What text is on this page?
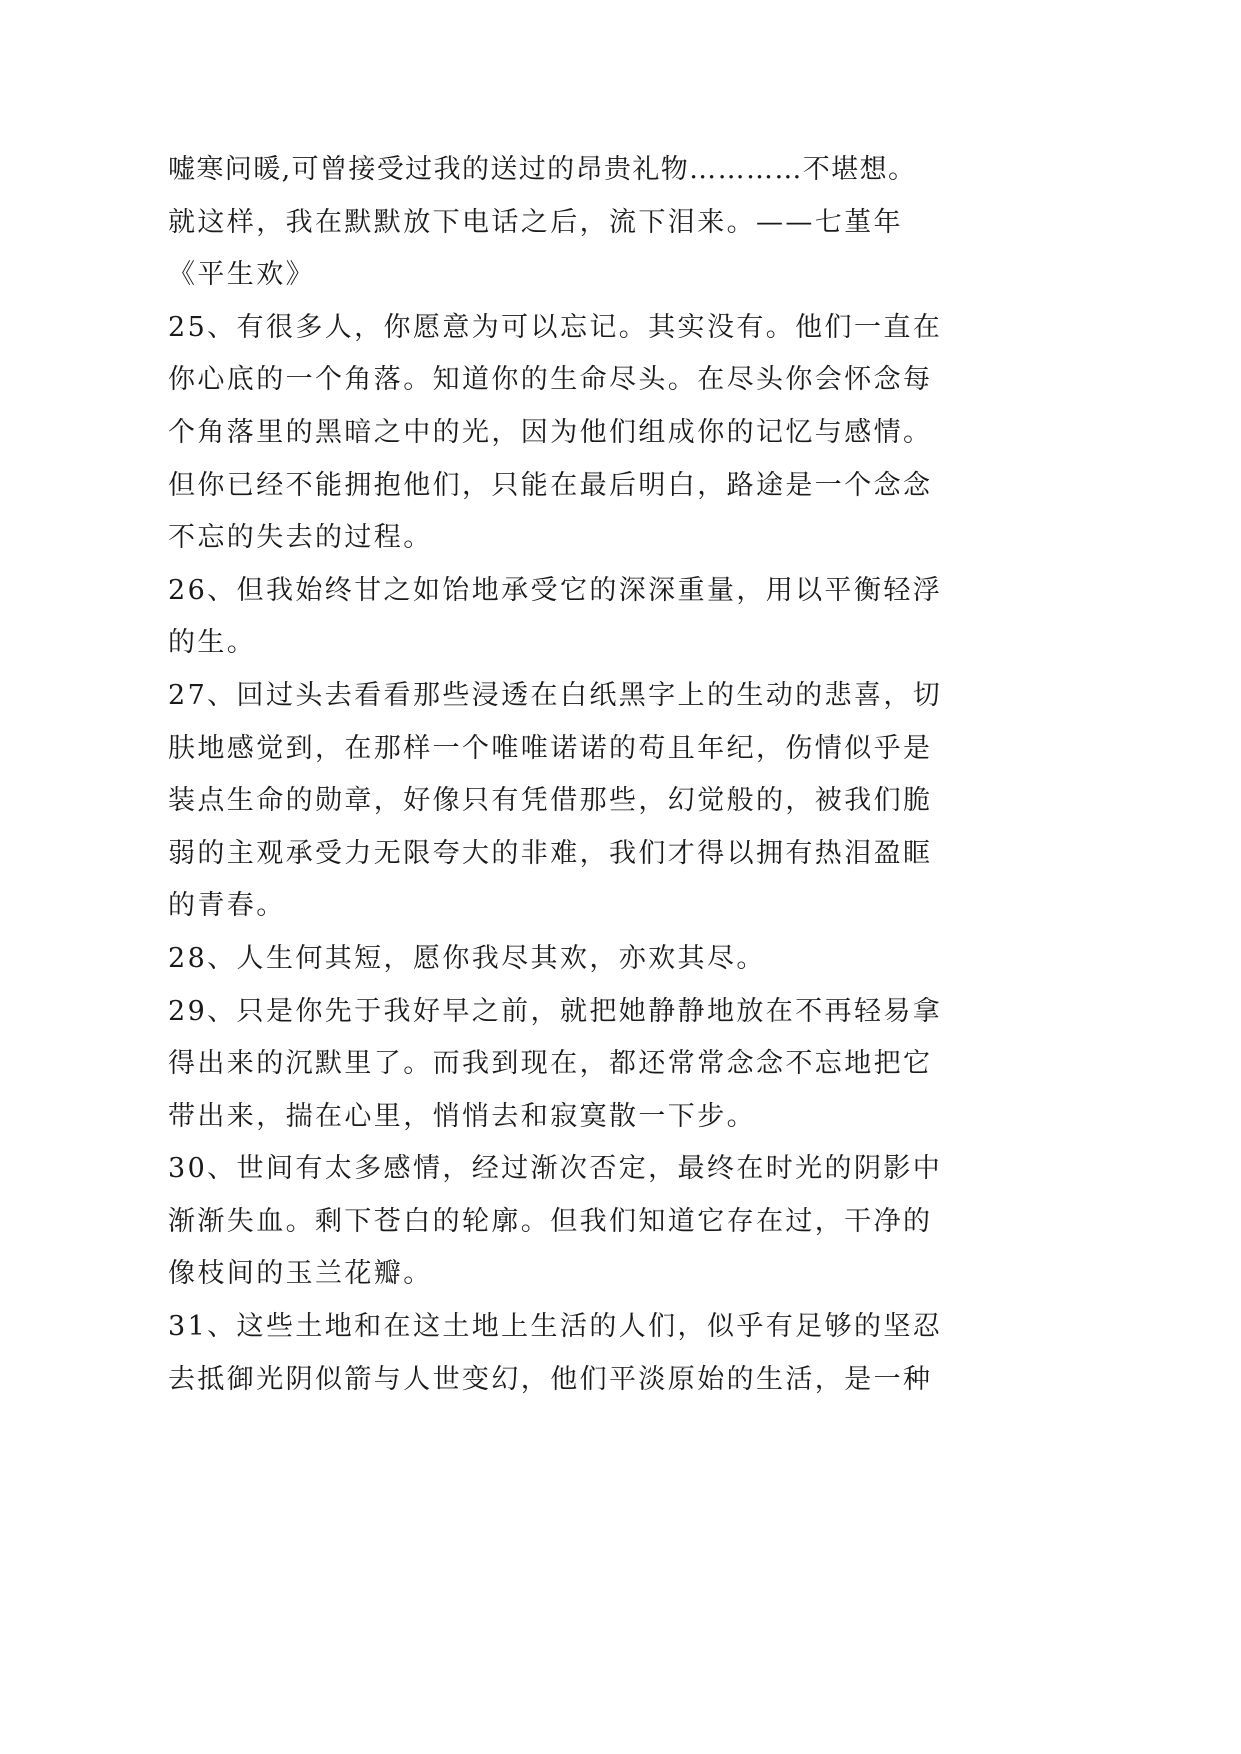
嘘寒问暖,可曾接受过我的送过的昂贵礼物…………不堪想。
就这样，我在默默放下电话之后，流下泪来。——七堇年
《平生欢》
25、有很多人，你愿意为可以忘记。其实没有。他们一直在
你心底的一个角落。知道你的生命尽头。在尽头你会怀念每
个角落里的黑暗之中的光，因为他们组成你的记忆与感情。
但你已经不能拥抱他们，只能在最后明白，路途是一个念念
不忘的失去的过程。
26、但我始终甘之如饴地承受它的深深重量，用以平衡轻浮
的生。
27、回过头去看看那些浸透在白纸黑字上的生动的悲喜，切
肤地感觉到，在那样一个唯唯诺诺的苟且年纪，伤情似乎是
装点生命的勋章，好像只有凭借那些，幻觉般的，被我们脆
弱的主观承受力无限夸大的非难，我们才得以拥有热泪盈眶
的青春。
28、人生何其短，愿你我尽其欢，亦欢其尽。
29、只是你先于我好早之前，就把她静静地放在不再轻易拿
得出来的沉默里了。而我到现在，都还常常念念不忘地把它
带出来，揣在心里，悄悄去和寂寞散一下步。
30、世间有太多感情，经过渐次否定，最终在时光的阴影中
渐渐失血。剩下苍白的轮廓。但我们知道它存在过，干净的
像枝间的玉兰花瓣。
31、这些土地和在这土地上生活的人们，似乎有足够的坚忍
去抵御光阴似箭与人世变幻，他们平淡原始的生活，是一种
